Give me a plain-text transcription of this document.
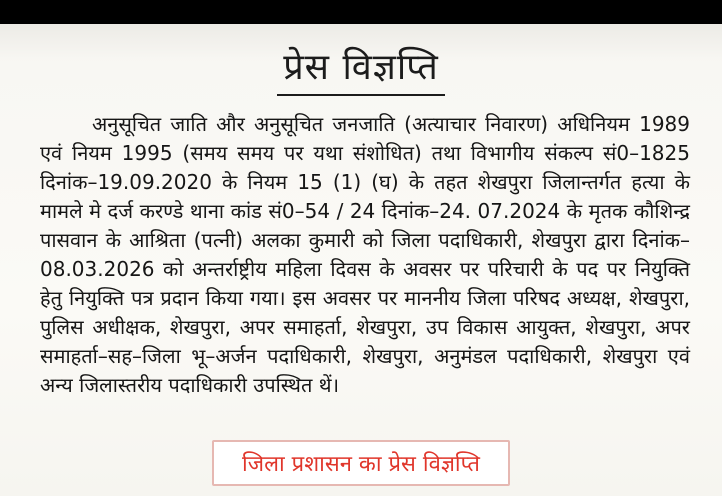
प्रेस विज्ञप्ति
अनुसूचित जाति और अनुसूचित जनजाति (अत्याचार निवारण) अधिनियम 1989 एवं नियम 1995 (समय समय पर यथा संशोधित) तथा विभागीय संकल्प सं0–1825 दिनांक–19.09.2020 के नियम 15 (1) (घ) के तहत शेखपुरा जिलान्तर्गत हत्या के मामले मे दर्ज करण्डे थाना कांड सं0–54 / 24 दिनांक–24. 07.2024 के मृतक कौशिन्द्र पासवान के आश्रिता (पत्नी) अलका कुमारी को जिला पदाधिकारी, शेखपुरा द्वारा दिनांक–08.03.2026 को अन्तर्राष्ट्रीय महिला दिवस के अवसर पर परिचारी के पद पर नियुक्ति हेतु नियुक्ति पत्र प्रदान किया गया। इस अवसर पर माननीय जिला परिषद अध्यक्ष, शेखपुरा, पुलिस अधीक्षक, शेखपुरा, अपर समाहर्ता, शेखपुरा, उप विकास आयुक्त, शेखपुरा, अपर समाहर्ता–सह–जिला भू–अर्जन पदाधिकारी, शेखपुरा, अनुमंडल पदाधिकारी, शेखपुरा एवं अन्य जिलास्तरीय पदाधिकारी उपस्थित थें।
जिला प्रशासन का प्रेस विज्ञप्ति
